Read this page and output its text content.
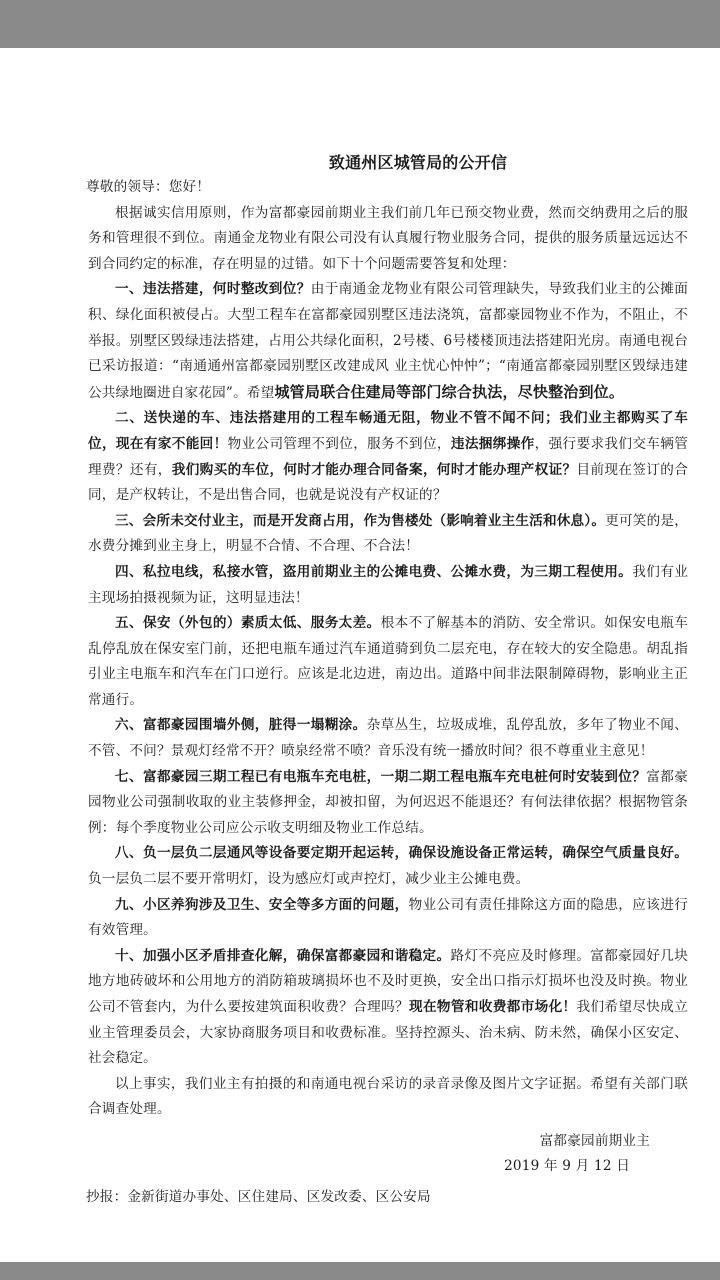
致通州区城管局的公开信
尊敬的领导：您好！

根据诚实信用原则，作为富都豪园前期业主我们前几年已预交物业费，然而交纳费用之后的服务和管理很不到位。南通金龙物业有限公司没有认真履行物业服务合同，提供的服务质量远远达不到合同约定的标准，存在明显的过错。如下十个问题需要答复和处理：

一、违法搭建，何时整改到位？由于南通金龙物业有限公司管理缺失，导致我们业主的公摊面积、绿化面积被侵占。大型工程车在富都豪园别墅区违法浇筑，富都豪园物业不作为，不阻止，不举报。别墅区毁绿违法搭建，占用公共绿化面积，2号楼、6号楼楼顶违法搭建阳光房。南通电视台已采访报道：“南通通州富都豪园别墅区改建成风 业主忧心忡忡”；“南通富都豪园别墅区毁绿违建 公共绿地圈进自家花园”。希望城管局联合住建局等部门综合执法，尽快整治到位。

二、送快递的车、违法搭建用的工程车畅通无阻，物业不管不闻不问；我们业主都购买了车位，现在有家不能回！物业公司管理不到位，服务不到位，违法捆绑操作，强行要求我们交车辆管理费？还有，我们购买的车位，何时才能办理合同备案，何时才能办理产权证？目前现在签订的合同，是产权转让，不是出售合同，也就是说没有产权证的？

三、会所未交付业主，而是开发商占用，作为售楼处（影响着业主生活和休息）。更可笑的是，水费分摊到业主身上，明显不合情、不合理、不合法！

四、私拉电线，私接水管，盗用前期业主的公摊电费、公摊水费，为三期工程使用。我们有业主现场拍摄视频为证，这明显违法！

五、保安（外包的）素质太低、服务太差。根本不了解基本的消防、安全常识。如保安电瓶车乱停乱放在保安室门前，还把电瓶车通过汽车通道骑到负二层充电，存在较大的安全隐患。胡乱指引业主电瓶车和汽车在门口逆行。应该是北边进，南边出。道路中间非法限制障碍物，影响业主正常通行。

六、富都豪园围墙外侧，脏得一塌糊涂。杂草丛生，垃圾成堆，乱停乱放，多年了物业不闻、不管、不问？景观灯经常不开？喷泉经常不喷？音乐没有统一播放时间？很不尊重业主意见！

七、富都豪园三期工程已有电瓶车充电桩，一期二期工程电瓶车充电桩何时安装到位？富都豪园物业公司强制收取的业主装修押金，却被扣留，为何迟迟不能退还？有何法律依据？根据物管条例：每个季度物业公司应公示收支明细及物业工作总结。

八、负一层负二层通风等设备要定期开起运转，确保设施设备正常运转，确保空气质量良好。负一层负二层不要开常明灯，设为感应灯或声控灯，减少业主公摊电费。

九、小区养狗涉及卫生、安全等多方面的问题，物业公司有责任排除这方面的隐患，应该进行有效管理。

十、加强小区矛盾排查化解，确保富都豪园和谐稳定。路灯不亮应及时修理。富都豪园好几块地方地砖破坏和公用地方的消防箱玻璃损坏也不及时更换，安全出口指示灯损坏也没及时换。物业公司不管套内，为什么要按建筑面积收费？合理吗？现在物管和收费都市场化！我们希望尽快成立业主管理委员会，大家协商服务项目和收费标准。坚持控源头、治未病、防未然，确保小区安定、社会稳定。

以上事实，我们业主有拍摄的和南通电视台采访的录音录像及图片文字证据。希望有关部门联合调查处理。

富都豪园前期业主
2019 年 9 月 12 日
抄报：金新街道办事处、区住建局、区发改委、区公安局
